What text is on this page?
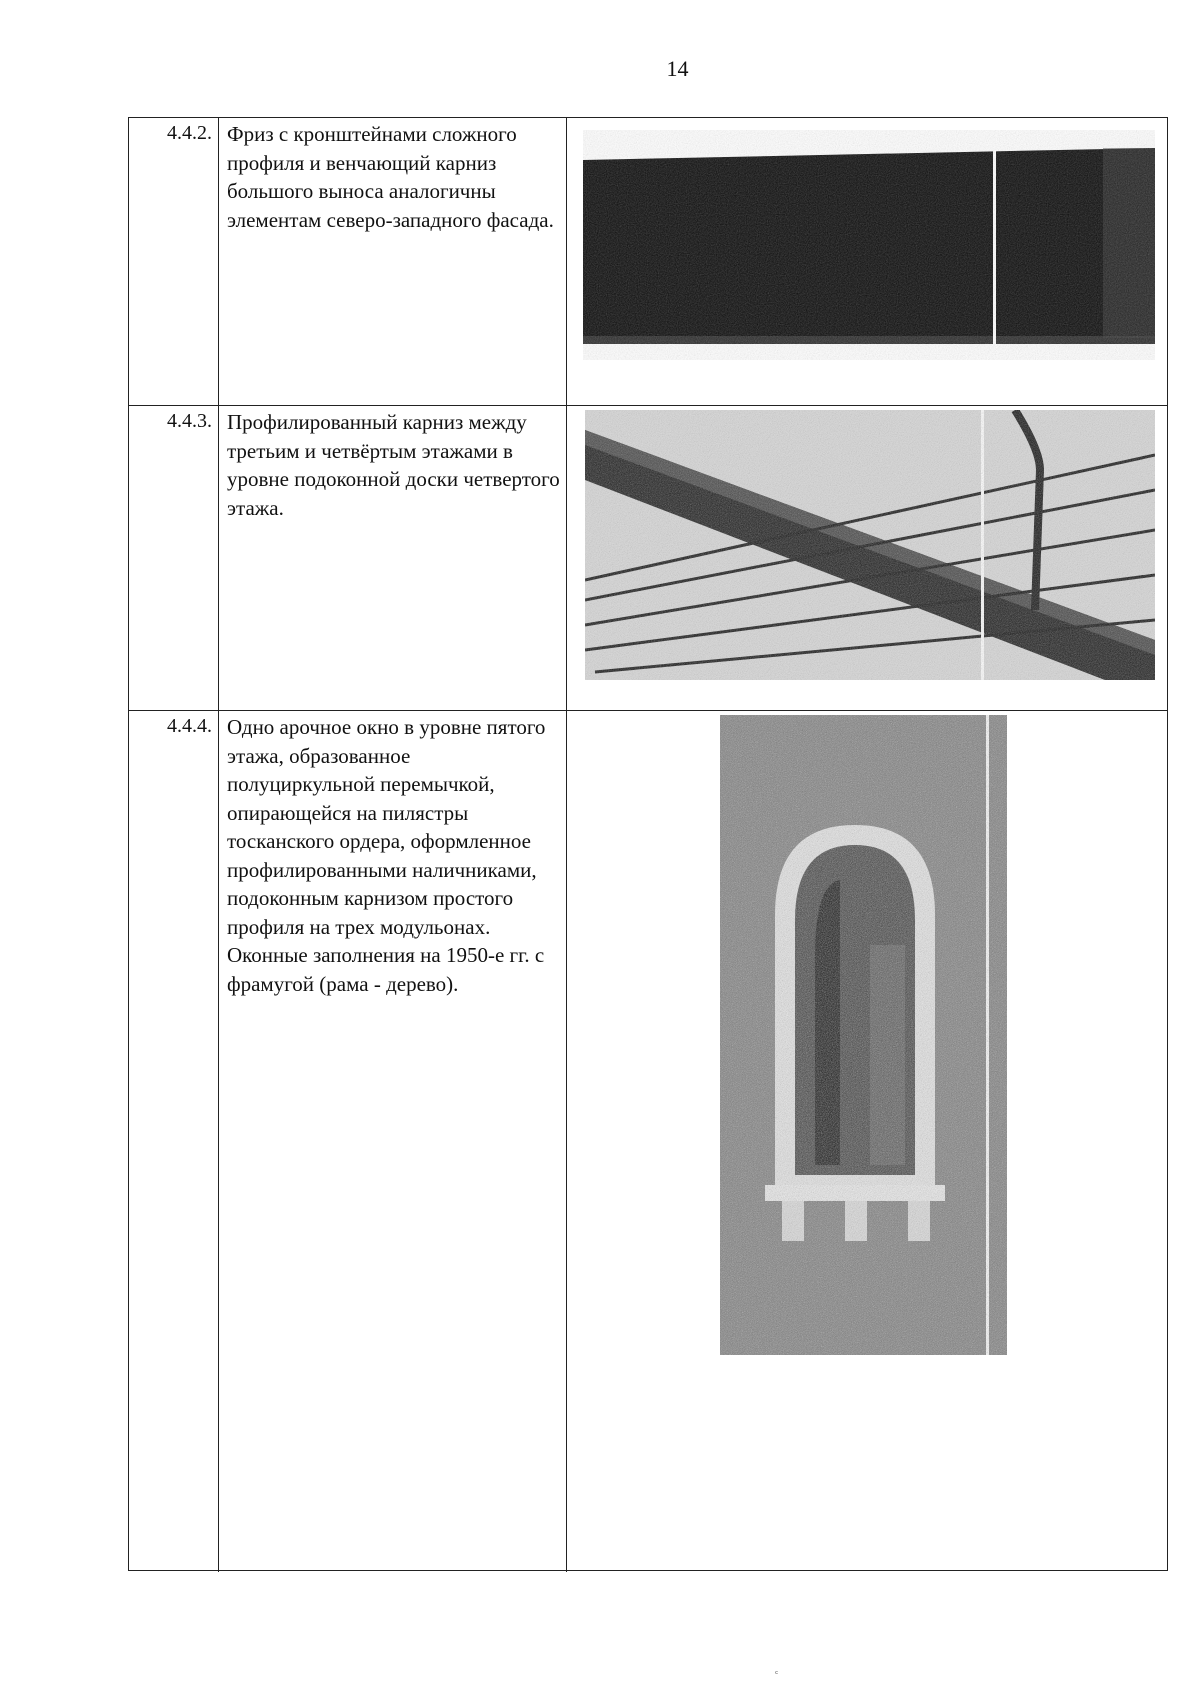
14
4.4.2. Фриз с кронштейнами сложного профиля и венчающий карниз большого выноса аналогичны элементам северо-западного фасада.

4.4.3. Профилированный карниз между третьим и четвёртым этажами в уровне подоконной доски четвертого этажа.

4.4.4. Одно арочное окно в уровне пятого этажа, образованное полуциркульной перемычкой, опирающейся на пилястры тосканского ордера, оформленное профилированными наличниками, подоконным карнизом простого профиля на трех модульонах.

Оконные заполнения на 1950-е гг. с фрамугой (рама - дерево).

ᶜ
